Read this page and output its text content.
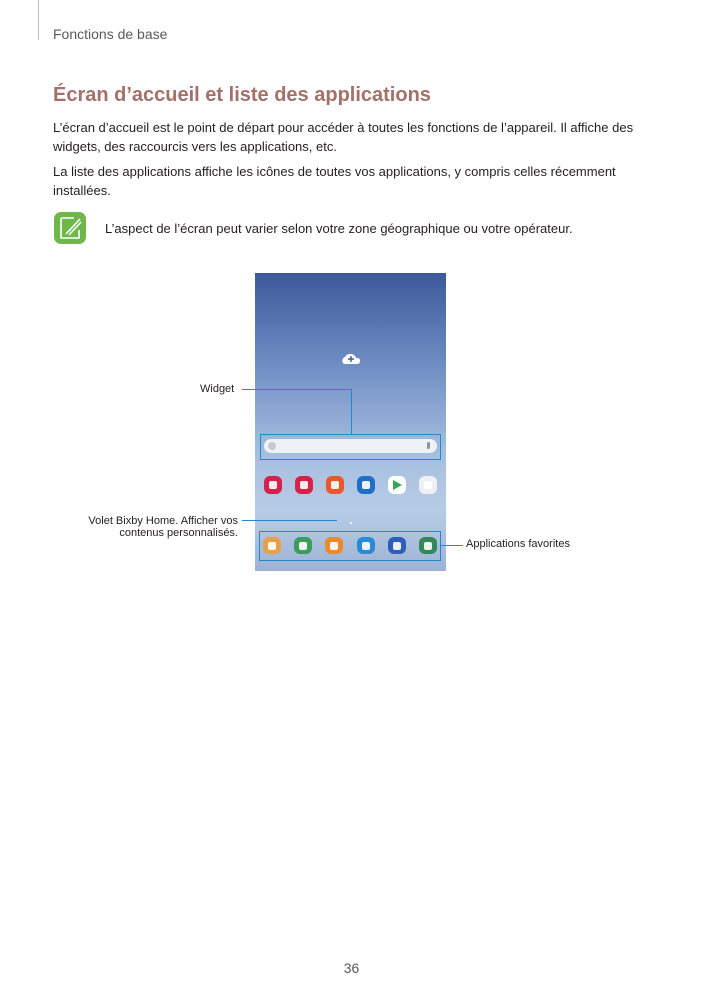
Fonctions de base
Écran d’accueil et liste des applications

L’écran d’accueil est le point de départ pour accéder à toutes les fonctions de l’appareil. Il affiche des widgets, des raccourcis vers les applications, etc.

La liste des applications affiche les icônes de toutes vos applications, y compris celles récemment installées.

L’aspect de l’écran peut varier selon votre zone géographique ou votre opérateur.
Widget
Volet Bixby Home. Afficher vos
contenus personnalisés.
Applications favorites
36
